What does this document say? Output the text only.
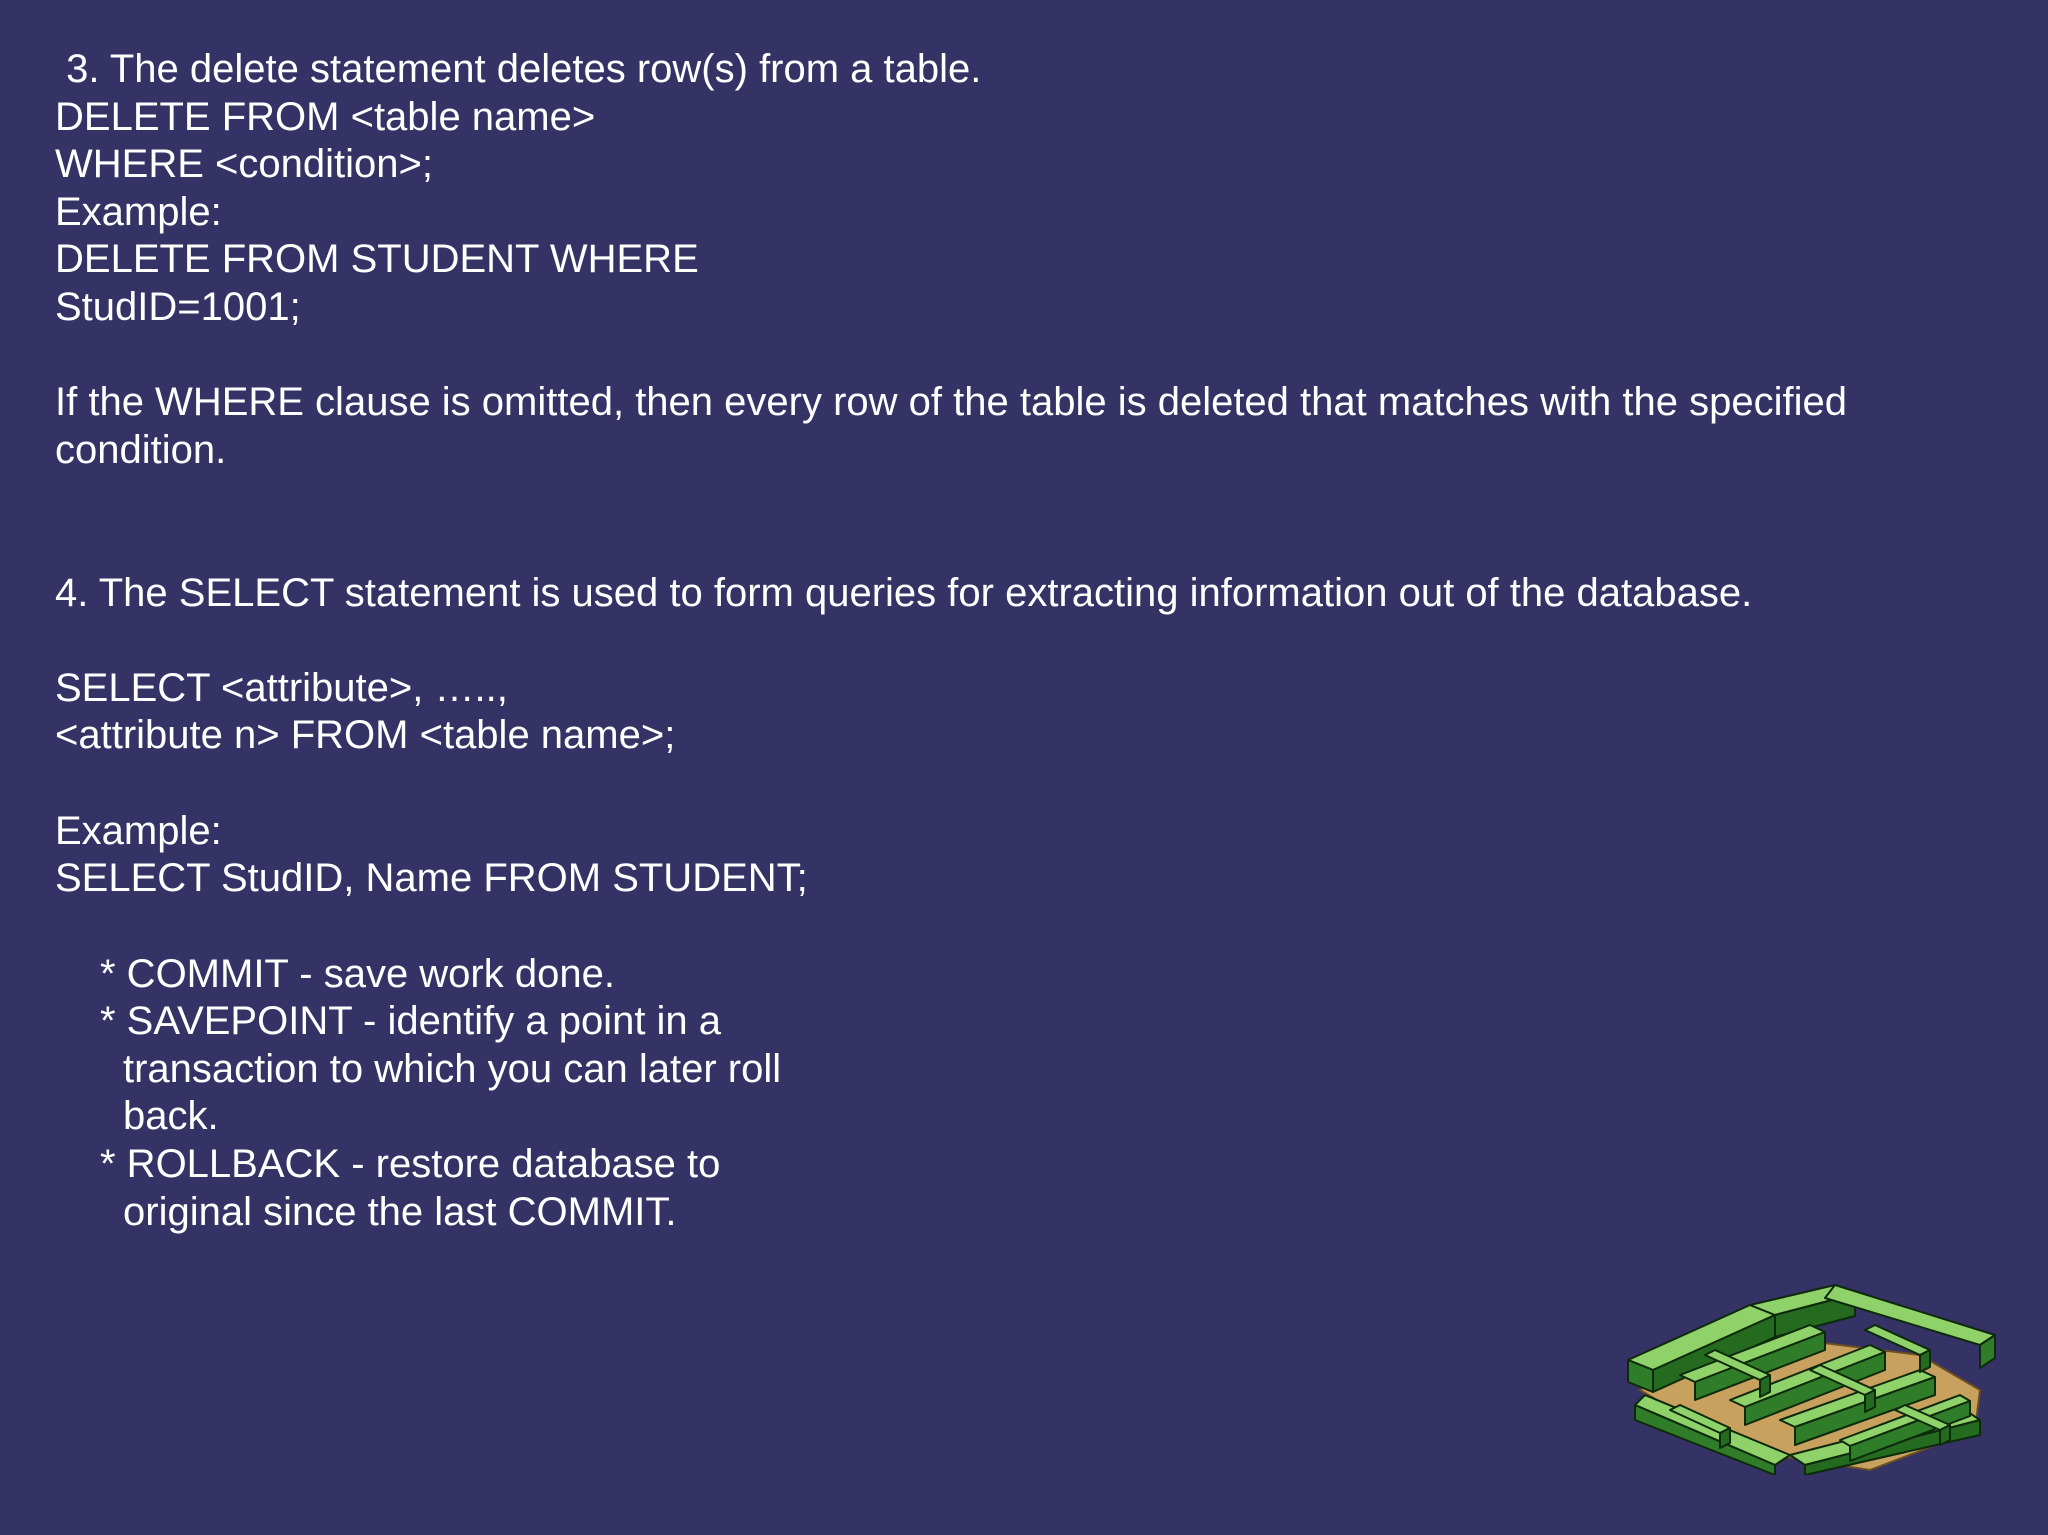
3. The delete statement deletes row(s) from a table.
DELETE FROM <table name>
WHERE <condition>;
Example:
DELETE FROM STUDENT WHERE
StudID=1001;
If the WHERE clause is omitted, then every row of the table is deleted that matches with the specified
condition.
4. The SELECT statement is used to form queries for extracting information out of the database.
SELECT <attribute>, …..,
<attribute n> FROM <table name>;
Example:
SELECT StudID, Name FROM STUDENT;
* COMMIT - save work done.
* SAVEPOINT - identify a point in a
transaction to which you can later roll
back.
* ROLLBACK - restore database to
original since the last COMMIT.
